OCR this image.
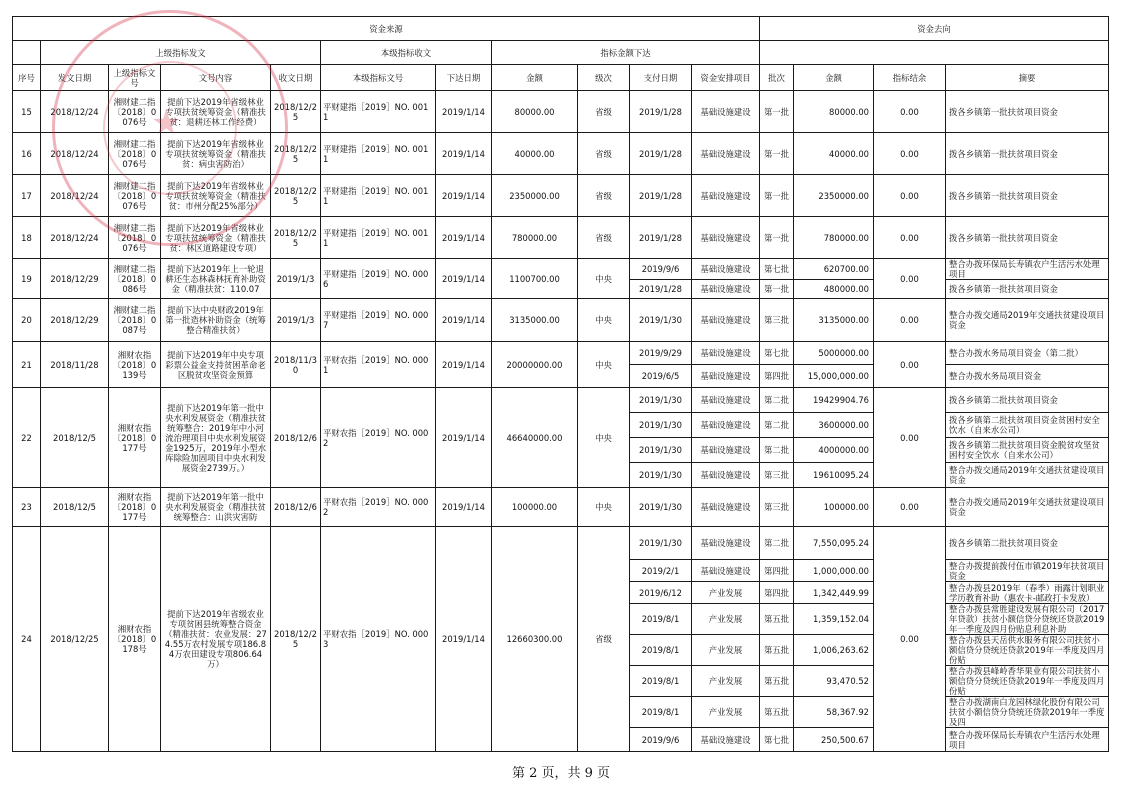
★
资金来源											资金去向			
	上级指标发文				本级指标收文		指标金额下达							
序号	发文日期	上级指标文号	文号内容	收文日期	本级指标文号	下达日期	金额	级次	支付日期	资金安排项目	批次	金额	指标结余	摘要
15	2018/12/24	湘财建二指〔2018〕0076号	提前下达2019年省级林业专项扶贫统筹资金（精准扶贫：退耕还林工作经费）	2018/12/25	平财建指［2019］NO. 0011	2019/1/14	80000.00	省级	2019/1/28	基础设施建设	第一批	80000.00	0.00	拨各乡镇第一批扶贫项目资金
16	2018/12/24	湘财建二指〔2018〕0076号	提前下达2019年省级林业专项扶贫统筹资金（精准扶贫：病虫害防治）	2018/12/25	平财建指［2019］NO. 0011	2019/1/14	40000.00	省级	2019/1/28	基础设施建设	第一批	40000.00	0.00	拨各乡镇第一批扶贫项目资金
17	2018/12/24	湘财建二指〔2018〕0076号	提前下达2019年省级林业专项扶贫统筹资金（精准扶贫：市州分配25%部分）	2018/12/25	平财建指［2019］NO. 0011	2019/1/14	2350000.00	省级	2019/1/28	基础设施建设	第一批	2350000.00	0.00	拨各乡镇第一批扶贫项目资金
18	2018/12/24	湘财建二指〔2018〕0076号	提前下达2019年省级林业专项扶贫统筹资金（精准扶贫：林区道路建设专项）	2018/12/25	平财建指［2019］NO. 0011	2019/1/14	780000.00	省级	2019/1/28	基础设施建设	第一批	780000.00	0.00	拨各乡镇第一批扶贫项目资金
19	2018/12/29	湘财建二指〔2018〕0086号	提前下达2019年上一轮退耕还生态林森林抚育补助资金（精准扶贫：110.07	2019/1/3	平财建指［2019］NO. 0006	2019/1/14	1100700.00	中央	2019/9/6	基础设施建设	第七批	620700.00	0.00	整合办拨环保局长寿镇农户生活污水处理项目
									2019/1/28	基础设施建设	第一批	480000.00		拨各乡镇第一批扶贫项目资金
20	2018/12/29	湘财建二指〔2018〕0087号	提前下达中央财政2019年第一批造林补助资金（统筹整合精准扶贫）	2019/1/3	平财建指［2019］NO. 0007	2019/1/14	3135000.00	中央	2019/1/30	基础设施建设	第三批	3135000.00	0.00	整合办拨交通局2019年交通扶贫建设项目资金
21	2018/11/28	湘财农指〔2018〕0139号	提前下达2019年中央专项彩票公益金支持贫困革命老区脱贫攻坚资金预算	2018/11/30	平财农指［2019］NO. 0001	2019/1/14	20000000.00	中央	2019/9/29	基础设施建设	第七批	5000000.00	0.00	整合办拨水务局项目资金（第二批）
									2019/6/5	基础设施建设	第四批	15,000,000.00		整合办拨水务局项目资金
22	2018/12/5	湘财农指〔2018〕0177号	提前下达2019年第一批中央水利发展资金（精准扶贫统筹整合：2019年中小河流治理项目中央水利发展资金1925万，2019年小型水库除险加固项目中央水利发展资金2739万。）	2018/12/6	平财农指［2019］NO. 0002	2019/1/14	46640000.00	中央	2019/1/30	基础设施建设	第二批	19429904.76	0.00	拨各乡镇第二批扶贫项目资金
									2019/1/30	基础设施建设	第二批	3600000.00		拨各乡镇第二批扶贫项目资金贫困村安全饮水（自来水公司）
									2019/1/30	基础设施建设	第二批	4000000.00		拨各乡镇第二批扶贫项目资金脱贫攻坚贫困村安全饮水（自来水公司）
									2019/1/30	基础设施建设	第三批	19610095.24		整合办拨交通局2019年交通扶贫建设项目资金
23	2018/12/5	湘财农指〔2018〕0177号	提前下达2019年第一批中央水利发展资金（精准扶贫统筹整合：山洪灾害防	2018/12/6	平财农指［2019］NO. 0002	2019/1/14	100000.00	中央	2019/1/30	基础设施建设	第三批	100000.00	0.00	整合办拨交通局2019年交通扶贫建设项目资金
24	2018/12/25	湘财农指〔2018〕0178号	提前下达2019年省级农业专项贫困县统筹整合资金（精准扶贫：农业发展：274.55万农村发展专项186.84万农田建设专项806.64万）	2018/12/25	平财农指［2019］NO. 0003	2019/1/14	12660300.00	省级	2019/1/30	基础设施建设	第二批	7,550,095.24	0.00	拨各乡镇第二批扶贫项目资金
									2019/2/1	基础设施建设	第四批	1,000,000.00		整合办拨提前拨付伍市镇2019年扶贫项目资金
									2019/6/12	产业发展	第四批	1,342,449.99		整合办拨县2019年（春季）雨露计划职业学历教育补助（惠农卡-邮政打卡发放）
									2019/8/1	产业发展	第五批	1,359,152.04		整合办拨县常胜建设发展有限公司（2017年贷款）扶贫小额信贷分贷统还贷款2019年一季度及四月份贴息利息补助
									2019/8/1	产业发展	第五批	1,006,263.62		整合办拨县天岳供水服务有限公司扶贫小额信贷分贷统还贷款2019年一季度及四月份贴
									2019/8/1	产业发展	第五批	93,470.52		整合办拨县峰岭香华果业有限公司扶贫小额信贷分贷统还贷款2019年一季度及四月份贴
									2019/8/1	产业发展	第五批	58,367.92		整合办拨湖南白龙园林绿化股份有限公司扶贫小额信贷分贷统还贷款2019年一季度及四
									2019/9/6	基础设施建设	第七批	250,500.67		整合办拨环保局长寿镇农户生活污水处理项目
第 2 页，共 9 页
